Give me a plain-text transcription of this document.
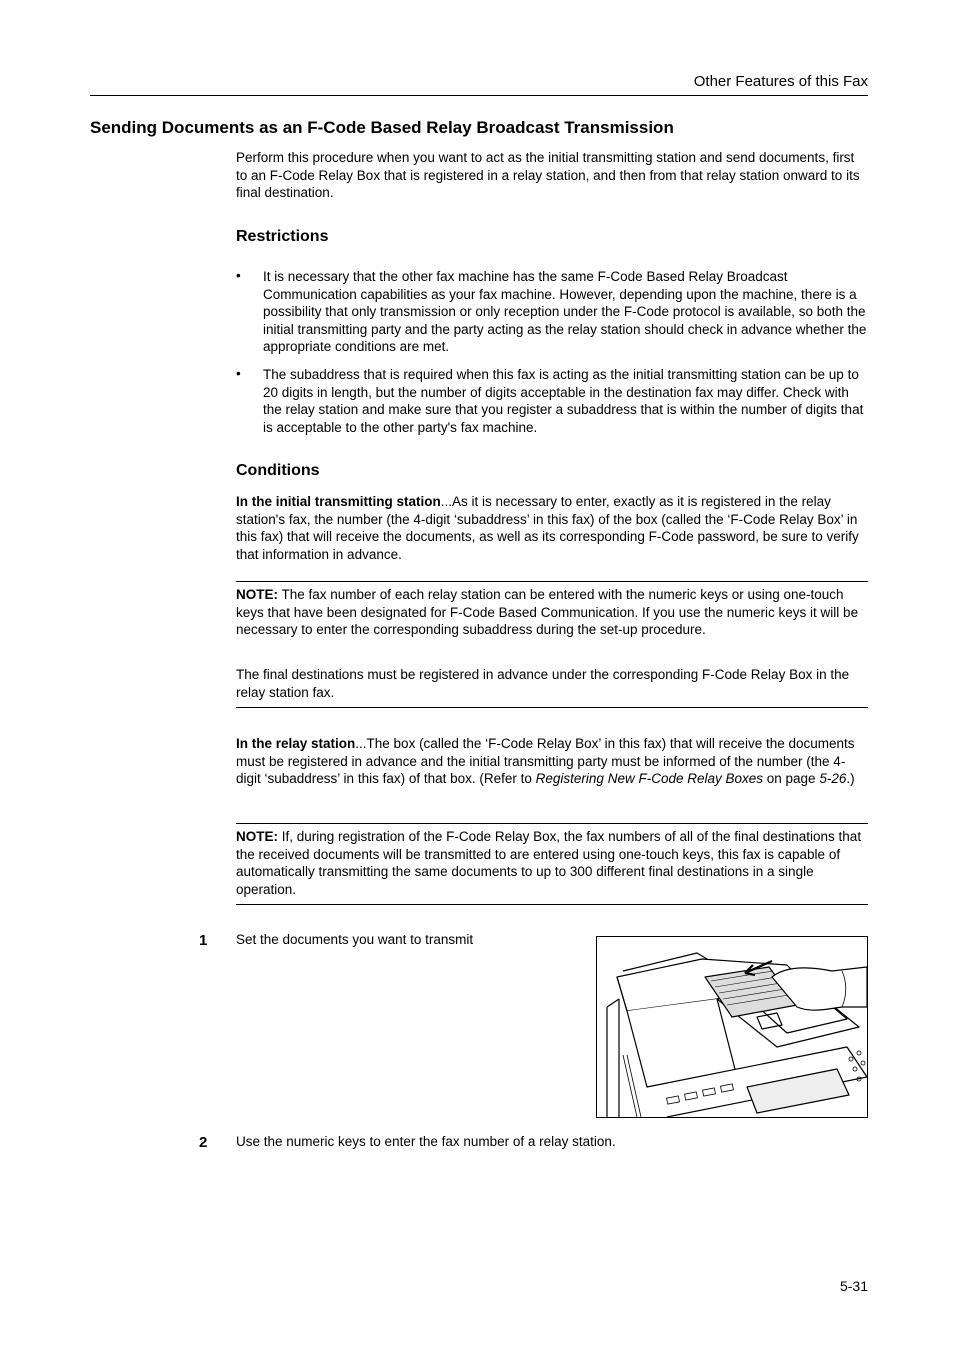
Other Features of this Fax
Sending Documents as an F-Code Based Relay Broadcast Transmission
Perform this procedure when you want to act as the initial transmitting station and send documents, first to an F-Code Relay Box that is registered in a relay station, and then from that relay station onward to its final destination.
Restrictions
• It is necessary that the other fax machine has the same F-Code Based Relay Broadcast Communication capabilities as your fax machine. However, depending upon the machine, there is a possibility that only transmission or only reception under the F-Code protocol is available, so both the initial transmitting party and the party acting as the relay station should check in advance whether the appropriate conditions are met.
• The subaddress that is required when this fax is acting as the initial transmitting station can be up to 20 digits in length, but the number of digits acceptable in the destination fax may differ. Check with the relay station and make sure that you register a subaddress that is within the number of digits that is acceptable to the other party's fax machine.
Conditions
In the initial transmitting station...As it is necessary to enter, exactly as it is registered in the relay station's fax, the number (the 4-digit ‘subaddress’ in this fax) of the box (called the ‘F-Code Relay Box’ in this fax) that will receive the documents, as well as its corresponding F-Code password, be sure to verify that information in advance.
NOTE: The fax number of each relay station can be entered with the numeric keys or using one-touch keys that have been designated for F-Code Based Communication. If you use the numeric keys it will be necessary to enter the corresponding subaddress during the set-up procedure.
The final destinations must be registered in advance under the corresponding F-Code Relay Box in the relay station fax.
In the relay station...The box (called the ‘F-Code Relay Box’ in this fax) that will receive the documents must be registered in advance and the initial transmitting party must be informed of the number (the 4-digit ‘subaddress’ in this fax) of that box. (Refer to Registering New F-Code Relay Boxes on page 5-26.)
NOTE: If, during registration of the F-Code Relay Box, the fax numbers of all of the final destinations that the received documents will be transmitted to are entered using one-touch keys, this fax is capable of automatically transmitting the same documents to up to 300 different final destinations in a single operation.
1 Set the documents you want to transmit
2 Use the numeric keys to enter the fax number of a relay station.
5-31
